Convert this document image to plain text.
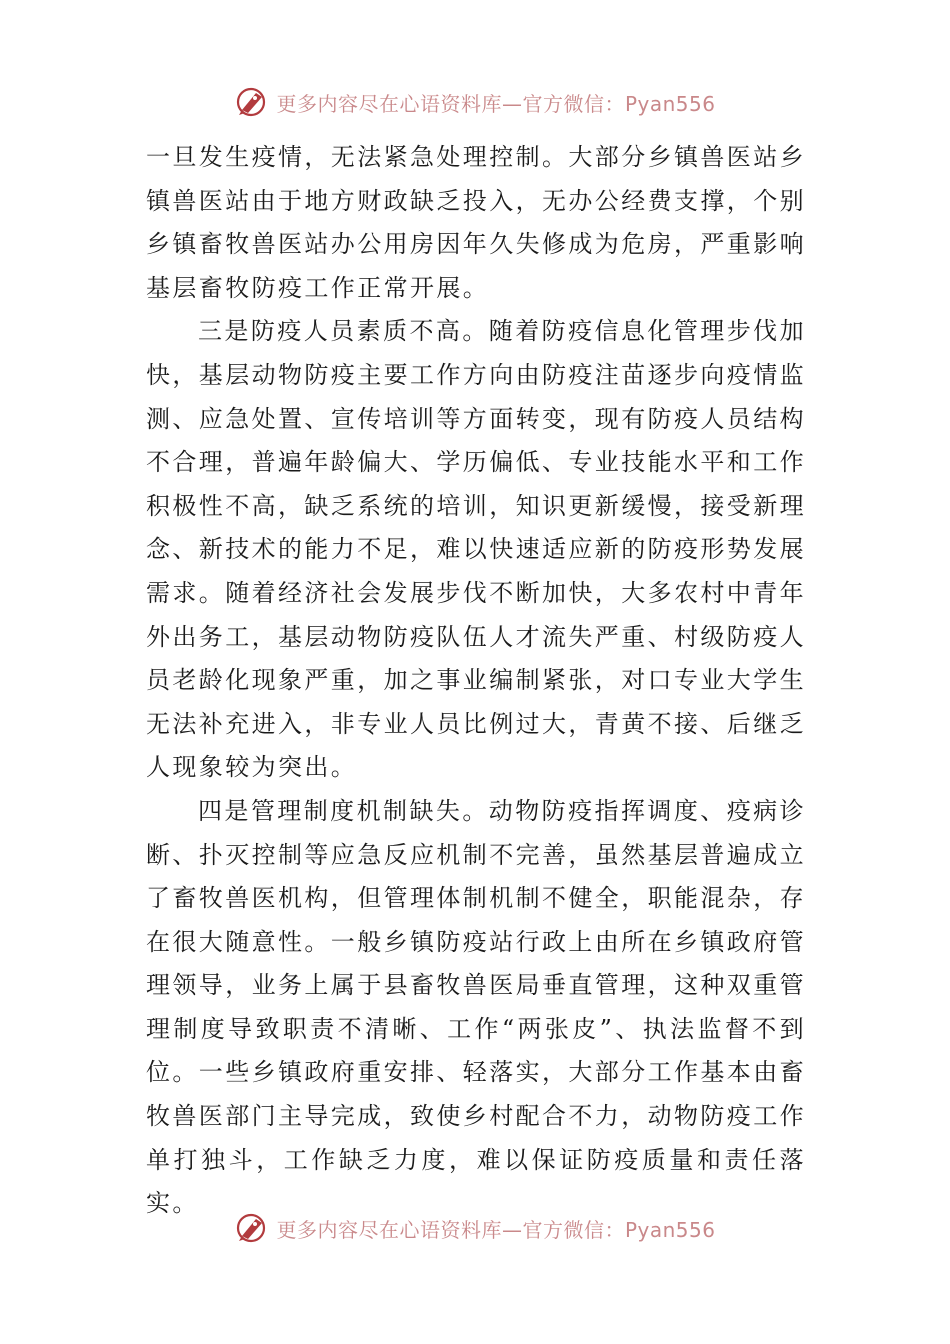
更多内容尽在心语资料库—官方微信：Pyan556

一旦发生疫情，无法紧急处理控制。大部分乡镇兽医站乡镇兽医站由于地方财政缺乏投入，无办公经费支撑，个别乡镇畜牧兽医站办公用房因年久失修成为危房，严重影响基层畜牧防疫工作正常开展。

三是防疫人员素质不高。随着防疫信息化管理步伐加快，基层动物防疫主要工作方向由防疫注苗逐步向疫情监测、应急处置、宣传培训等方面转变，现有防疫人员结构不合理，普遍年龄偏大、学历偏低、专业技能水平和工作积极性不高，缺乏系统的培训，知识更新缓慢，接受新理念、新技术的能力不足，难以快速适应新的防疫形势发展需求。随着经济社会发展步伐不断加快，大多农村中青年外出务工，基层动物防疫队伍人才流失严重、村级防疫人员老龄化现象严重，加之事业编制紧张，对口专业大学生无法补充进入，非专业人员比例过大，青黄不接、后继乏人现象较为突出。

四是管理制度机制缺失。动物防疫指挥调度、疫病诊断、扑灭控制等应急反应机制不完善，虽然基层普遍成立了畜牧兽医机构，但管理体制机制不健全，职能混杂，存在很大随意性。一般乡镇防疫站行政上由所在乡镇政府管理领导，业务上属于县畜牧兽医局垂直管理，这种双重管理制度导致职责不清晰、工作“两张皮”、执法监督不到位。一些乡镇政府重安排、轻落实，大部分工作基本由畜牧兽医部门主导完成，致使乡村配合不力，动物防疫工作单打独斗，工作缺乏力度，难以保证防疫质量和责任落实。

更多内容尽在心语资料库—官方微信：Pyan556
